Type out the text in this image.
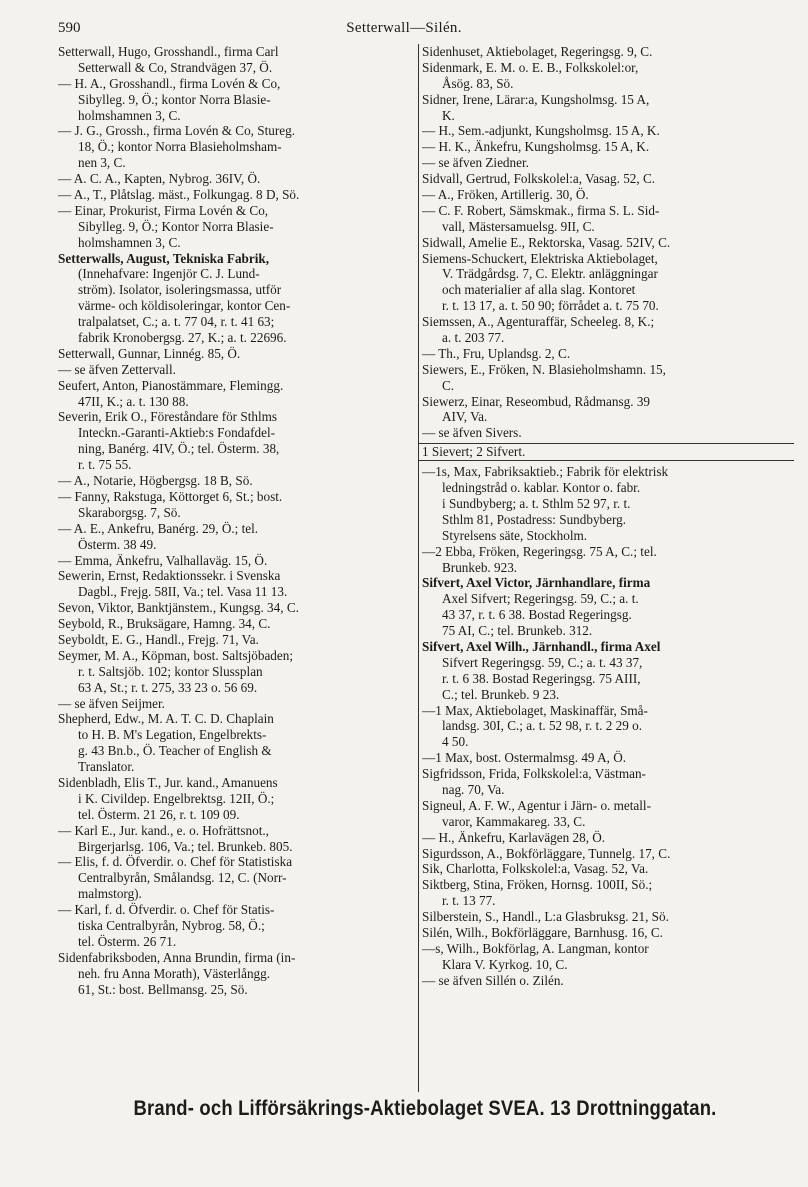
590	Setterwall—Silén.
Setterwall, Hugo, Grosshandl., firma Carl
Setterwall & Co, Strandvägen 37, Ö.
— H. A., Grosshandl., firma Lovén & Co,
Sibylleg. 9, Ö.; kontor Norra Blasie-
holmshamnen 3, C.
— J. G., Grossh., firma Lovén & Co, Stureg.
18, Ö.; kontor Norra Blasieholmsham-
nen 3, C.
— A. C. A., Kapten, Nybrog. 36IV, Ö.
— A., T., Plåtslag. mäst., Folkungag. 8 D, Sö.
— Einar, Prokurist, Firma Lovén & Co,
Sibylleg. 9, Ö.; Kontor Norra Blasie-
holmshamnen 3, C.
Setterwalls, August, Tekniska Fabrik,
(Innehafvare: Ingenjör C. J. Lund-
ström). Isolator, isoleringsmassa, utför
värme- och köldisoleringar, kontor Cen-
tralpalatset, C.; a. t. 77 04, r. t. 41 63;
fabrik Kronobergsg. 27, K.; a. t. 22696.
Setterwall, Gunnar, Linnég. 85, Ö.
— se äfven Zettervall.
Seufert, Anton, Pianostämmare, Flemingg.
47II, K.; a. t. 130 88.
Severin, Erik O., Föreståndare för Sthlms
Inteckn.-Garanti-Aktieb:s Fondafdel-
ning, Banérg. 4IV, Ö.; tel. Österm. 38,
r. t. 75 55.
— A., Notarie, Högbergsg. 18 B, Sö.
— Fanny, Rakstuga, Köttorget 6, St.; bost.
Skaraborgsg. 7, Sö.
— A. E., Ankefru, Banérg. 29, Ö.; tel.
Österm. 38 49.
— Emma, Änkefru, Valhallaväg. 15, Ö.
Sewerin, Ernst, Redaktionssekr. i Svenska
Dagbl., Frejg. 58II, Va.; tel. Vasa 11 13.
Sevon, Viktor, Banktjänstem., Kungsg. 34, C.
Seybold, R., Bruksägare, Hamng. 34, C.
Seyboldt, E. G., Handl., Frejg. 71, Va.
Seymer, M. A., Köpman, bost. Saltsjöbaden;
r. t. Saltsjöb. 102; kontor Slussplan
63 A, St.; r. t. 275, 33 23 o. 56 69.
— se äfven Seijmer.
Shepherd, Edw., M. A. T. C. D. Chaplain
to H. B. M's Legation, Engelbrekts-
g. 43 Bn.b., Ö. Teacher of English &
Translator.
Sidenbladh, Elis T., Jur. kand., Amanuens
i K. Civildep. Engelbrektsg. 12II, Ö.;
tel. Österm. 21 26, r. t. 109 09.
— Karl E., Jur. kand., e. o. Hofrättsnot.,
Birgerjarlsg. 106, Va.; tel. Brunkeb. 805.
— Elis, f. d. Öfverdir. o. Chef för Statistiska
Centralbyrån, Smålandsg. 12, C. (Norr-
malmstorg).
— Karl, f. d. Öfverdir. o. Chef för Statis-
tiska Centralbyrån, Nybrog. 58, Ö.;
tel. Österm. 26 71.
Sidenfabriksboden, Anna Brundin, firma (in-
neh. fru Anna Morath), Västerlångg.
61, St.: bost. Bellmansg. 25, Sö.
Sidenhuset, Aktiebolaget, Regeringsg. 9, C.
Sidenmark, E. M. o. E. B., Folkskolel:or,
Åsög. 83, Sö.
Sidner, Irene, Lärar:a, Kungsholmsg. 15 A,
K.
— H., Sem.-adjunkt, Kungsholmsg. 15 A, K.
— H. K., Änkefru, Kungsholmsg. 15 A, K.
— se äfven Ziedner.
Sidvall, Gertrud, Folkskolel:a, Vasag. 52, C.
— A., Fröken, Artillerig. 30, Ö.
— C. F. Robert, Sämskmak., firma S. L. Sid-
vall, Mästersamuelsg. 9II, C.
Sidwall, Amelie E., Rektorska, Vasag. 52IV, C.
Siemens-Schuckert, Elektriska Aktiebolaget,
V. Trädgårdsg. 7, C. Elektr. anläggningar
och materialier af alla slag. Kontoret
r. t. 13 17, a. t. 50 90; förrådet a. t. 75 70.
Siemssen, A., Agenturaffär, Scheeleg. 8, K.;
a. t. 203 77.
— Th., Fru, Uplandsg. 2, C.
Siewers, E., Fröken, N. Blasieholmshamn. 15,
C.
Siewerz, Einar, Reseombud, Rådmansg. 39
AIV, Va.
— se äfven Sivers.
1 Sievert; 2 Sifvert.
—1s, Max, Fabriksaktieb.; Fabrik för elektrisk
ledningstråd o. kablar. Kontor o. fabr.
i Sundbyberg; a. t. Sthlm 52 97, r. t.
Sthlm 81, Postadress: Sundbyberg.
Styrelsens säte, Stockholm.
—2 Ebba, Fröken, Regeringsg. 75 A, C.; tel.
Brunkeb. 923.
Sifvert, Axel Victor, Järnhandlare, firma
Axel Sifvert; Regeringsg. 59, C.; a. t.
43 37, r. t. 6 38. Bostad Regeringsg.
75 AI, C.; tel. Brunkeb. 312.
Sifvert, Axel Wilh., Järnhandl., firma Axel
Sifvert Regeringsg. 59, C.; a. t. 43 37,
r. t. 6 38. Bostad Regeringsg. 75 AIII,
C.; tel. Brunkeb. 9 23.
—1 Max, Aktiebolaget, Maskinaffär, Små-
landsg. 30I, C.; a. t. 52 98, r. t. 2 29 o.
4 50.
—1 Max, bost. Ostermalmsg. 49 A, Ö.
Sigfridsson, Frida, Folkskolel:a, Västman-
nag. 70, Va.
Signeul, A. F. W., Agentur i Järn- o. metall-
varor, Kammakareg. 33, C.
— H., Änkefru, Karlavägen 28, Ö.
Sigurdsson, A., Bokförläggare, Tunnelg. 17, C.
Sik, Charlotta, Folkskolel:a, Vasag. 52, Va.
Siktberg, Stina, Fröken, Hornsg. 100II, Sö.;
r. t. 13 77.
Silberstein, S., Handl., L:a Glasbruksg. 21, Sö.
Silén, Wilh., Bokförläggare, Barnhusg. 16, C.
—s, Wilh., Bokförlag, A. Langman, kontor
Klara V. Kyrkog. 10, C.
— se äfven Sillén o. Zilén.
Brand- och Lifförsäkrings-Aktiebolaget SVEA. 13 Drottninggatan.
